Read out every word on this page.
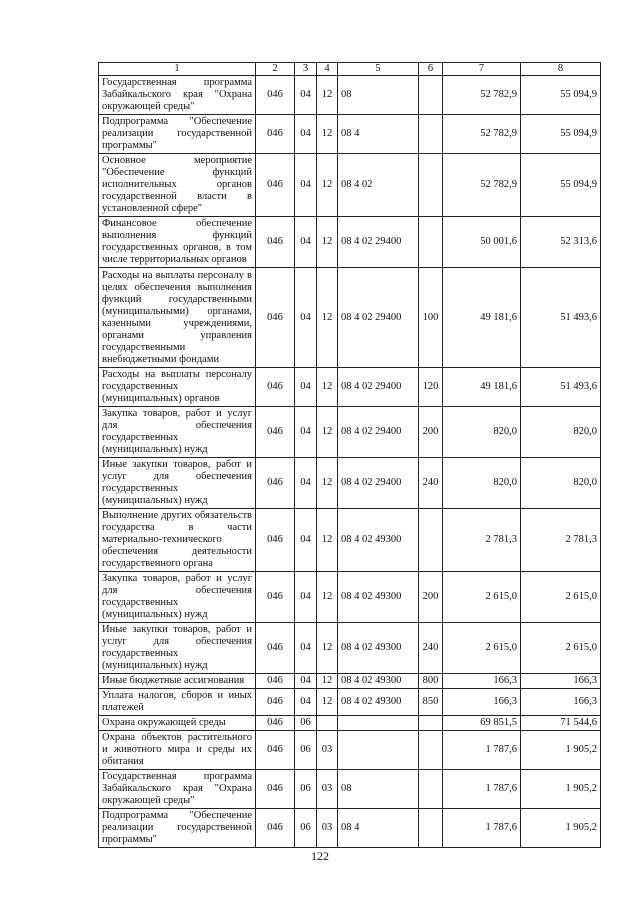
1	2	3	4	5	6	7	8
Государственная программа Забайкальского края "Охрана окружающей среды"	046	04	12	08		52 782,9	55 094,9
Подпрограмма "Обеспечение реализации государственной программы"	046	04	12	08 4		52 782,9	55 094,9
Основное мероприятие "Обеспечение функций исполнительных органов государственной власти в установленной сфере"	046	04	12	08 4 02		52 782,9	55 094,9
Финансовое обеспечение выполнения функций государственных органов, в том числе территориальных органов	046	04	12	08 4 02 29400		50 001,6	52 313,6
Расходы на выплаты персоналу в целях обеспечения выполнения функций государственными (муниципальными) органами, казенными учреждениями, органами управления государственными внебюджетными фондами	046	04	12	08 4 02 29400	100	49 181,6	51 493,6
Расходы на выплаты персоналу государственных (муниципальных) органов	046	04	12	08 4 02 29400	120	49 181,6	51 493,6
Закупка товаров, работ и услуг для обеспечения государственных (муниципальных) нужд	046	04	12	08 4 02 29400	200	820,0	820,0
Иные закупки товаров, работ и услуг для обеспечения государственных (муниципальных) нужд	046	04	12	08 4 02 29400	240	820,0	820,0
Выполнение других обязательств государства в части материально-технического обеспечения деятельности государственного органа	046	04	12	08 4 02 49300		2 781,3	2 781,3
Закупка товаров, работ и услуг для обеспечения государственных (муниципальных) нужд	046	04	12	08 4 02 49300	200	2 615,0	2 615,0
Иные закупки товаров, работ и услуг для обеспечения государственных (муниципальных) нужд	046	04	12	08 4 02 49300	240	2 615,0	2 615,0
Иные бюджетные ассигнования	046	04	12	08 4 02 49300	800	166,3	166,3
Уплата налогов, сборов и иных платежей	046	04	12	08 4 02 49300	850	166,3	166,3
Охрана окружающей среды	046	06				69 851,5	71 544,6
Охрана объектов растительного и животного мира и среды их обитания	046	06	03			1 787,6	1 905,2
Государственная программа Забайкальского края "Охрана окружающей среды"	046	06	03	08		1 787,6	1 905,2
Подпрограмма "Обеспечение реализации государственной программы"	046	06	03	08 4		1 787,6	1 905,2
122
